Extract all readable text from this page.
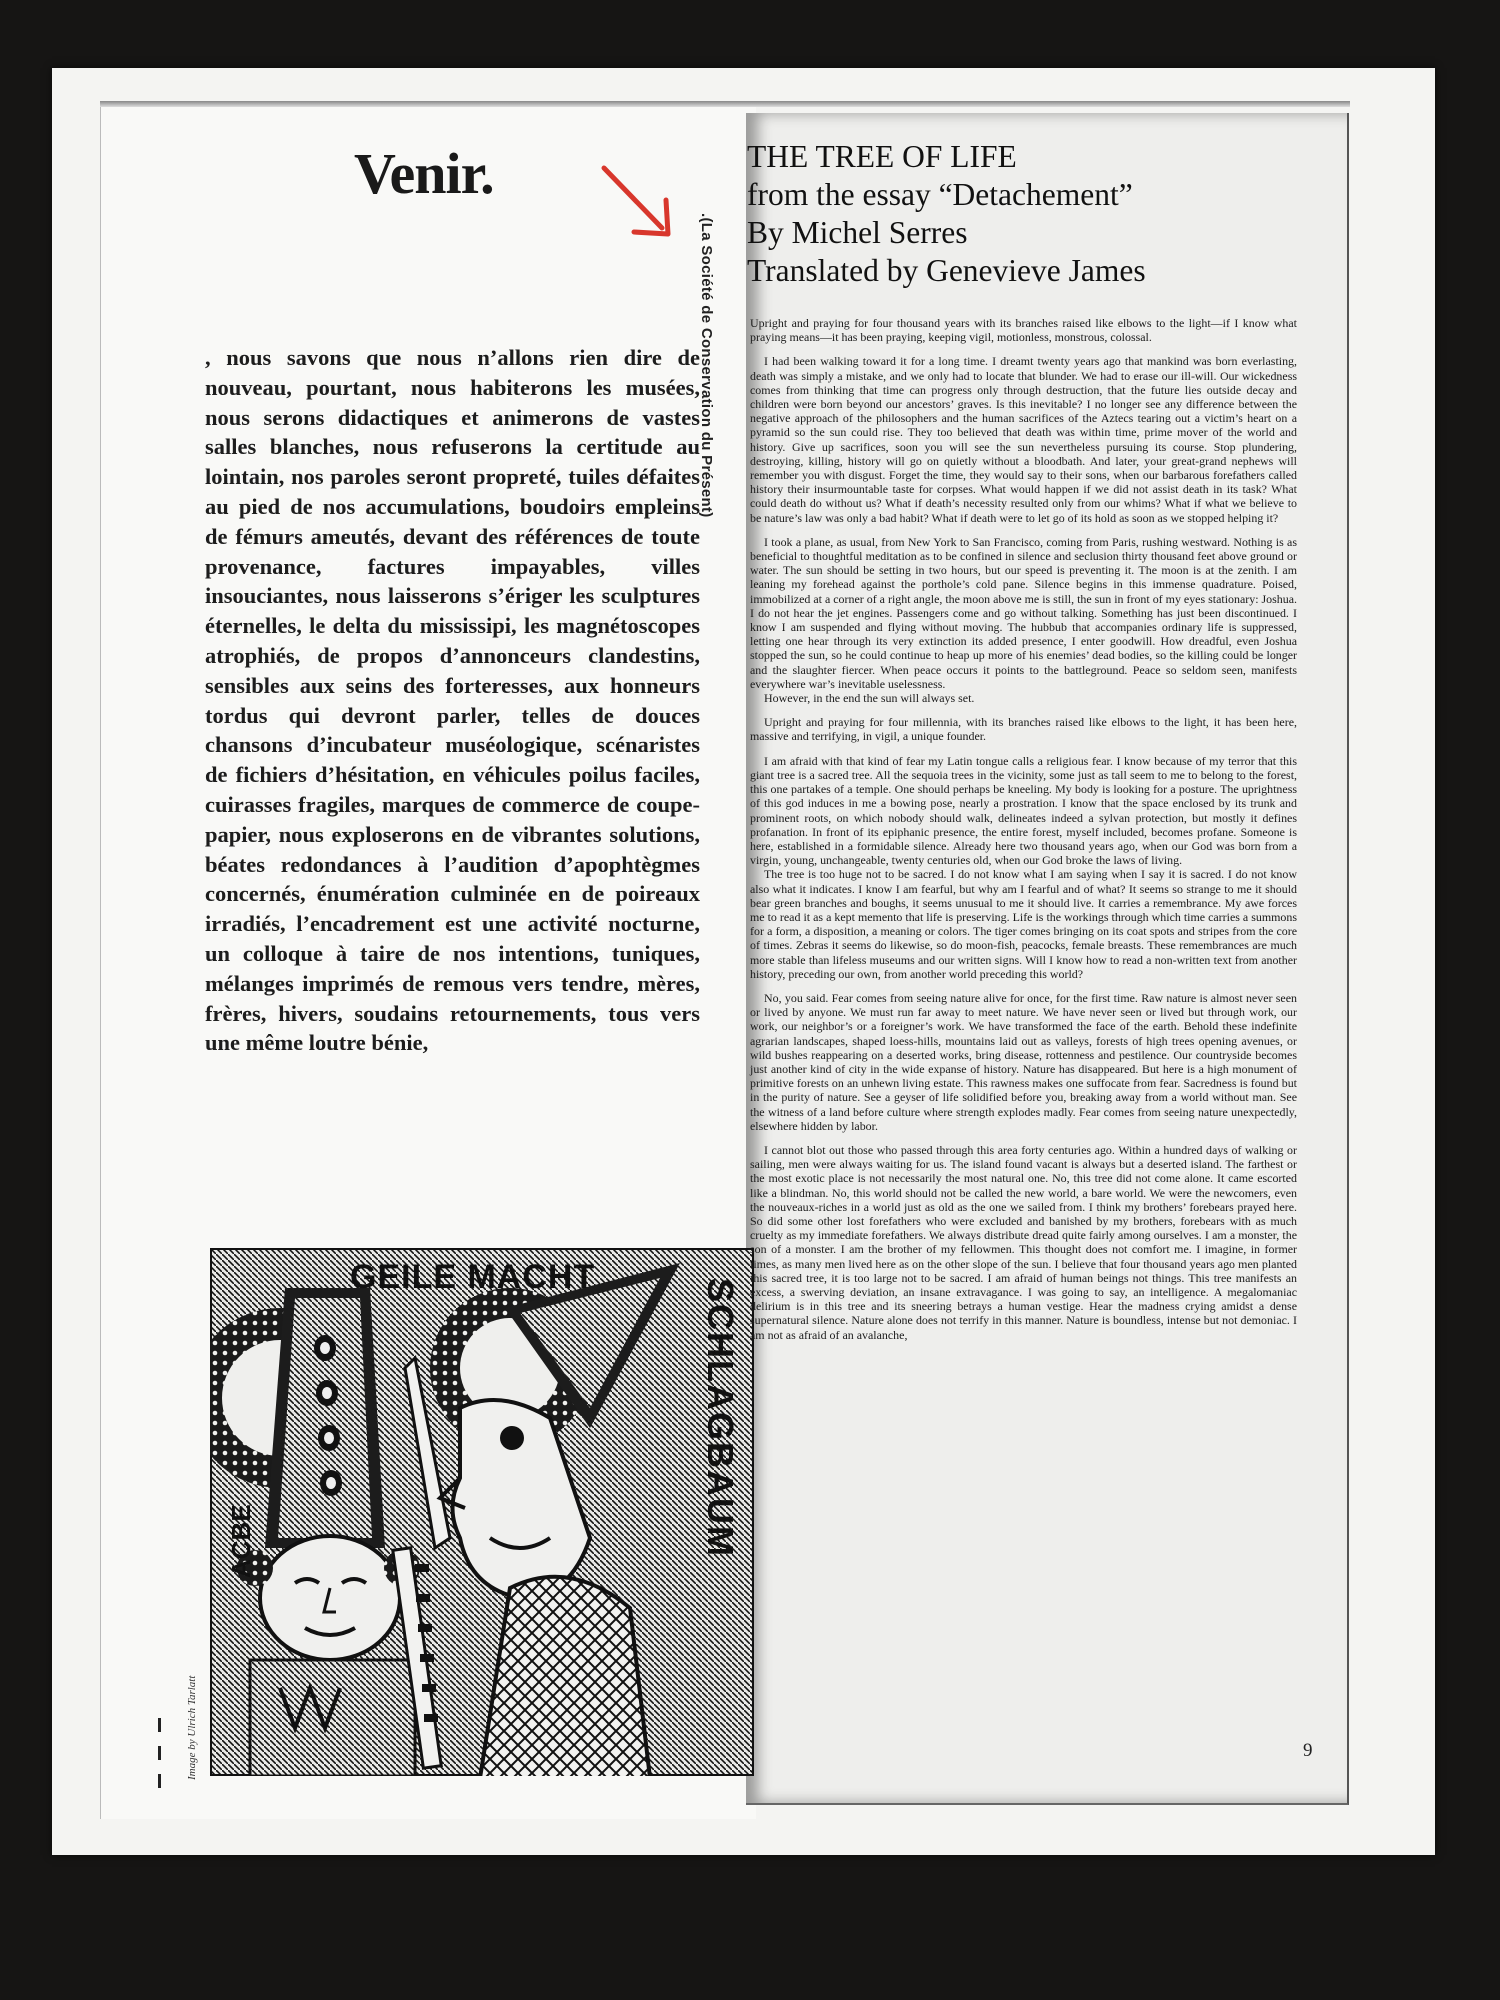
Venir.
.(La Société de Conservation du Présent)

, nous savons que nous n’allons rien dire de nouveau, pourtant, nous habiterons les musées, nous serons didactiques et animerons de vastes salles blanches, nous refuserons la certitude au lointain, nos paroles seront propreté, tuiles défaites au pied de nos accumulations, boudoirs empleins de fémurs ameutés, devant des références de toute provenance, factures impayables, villes insouciantes, nous laisserons s’ériger les sculptures éternelles, le delta du mississipi, les magnétoscopes atrophiés, de propos d’annonceurs clandestins, sensibles aux seins des forteresses, aux honneurs tordus qui devront parler, telles de douces chansons d’incubateur muséologique, scénaristes de fichiers d’hésitation, en véhicules poilus faciles, cuirasses fragiles, marques de commerce de coupe-papier, nous exploserons en de vibrantes solutions, béates redondances à l’audition d’apophtègmes concernés, énumération culminée en de poireaux irradiés, l’encadrement est une activité nocturne, un colloque à taire de nos intentions, tuniques, mélanges imprimés de remous vers tendre, mères, frères, hivers, soudains retournements, tous vers une même loutre bénie,

GEILE MACHT
SCHLAGBAUM
ACBE
Image by Ulrich Tarlatt
THE TREE OF LIFE
from the essay “Detachement”
By Michel Serres
Translated by Genevieve James

Upright and praying for four thousand years with its branches raised like elbows to the light—if I know what praying means—it has been praying, keeping vigil, motionless, monstrous, colossal.

I had been walking toward it for a long time. I dreamt twenty years ago that mankind was born everlasting, death was simply a mistake, and we only had to locate that blunder. We had to erase our ill-will. Our wickedness comes from thinking that time can progress only through destruction, that the future lies outside decay and children were born beyond our ancestors’ graves. Is this inevitable? I no longer see any difference between the negative approach of the philosophers and the human sacrifices of the Aztecs tearing out a victim’s heart on a pyramid so the sun could rise. They too believed that death was within time, prime mover of the world and history. Give up sacrifices, soon you will see the sun nevertheless pursuing its course. Stop plundering, destroying, killing, history will go on quietly without a bloodbath. And later, your great-grand nephews will remember you with disgust. Forget the time, they would say to their sons, when our barbarous forefathers called history their insurmountable taste for corpses. What would happen if we did not assist death in its task? What could death do without us? What if death’s necessity resulted only from our whims? What if what we believe to be nature’s law was only a bad habit? What if death were to let go of its hold as soon as we stopped helping it?

I took a plane, as usual, from New York to San Francisco, coming from Paris, rushing westward. Nothing is as beneficial to thoughtful meditation as to be confined in silence and seclusion thirty thousand feet above ground or water. The sun should be setting in two hours, but our speed is preventing it. The moon is at the zenith. I am leaning my forehead against the porthole’s cold pane. Silence begins in this immense quadrature. Poised, immobilized at a corner of a right angle, the moon above me is still, the sun in front of my eyes stationary: Joshua. I do not hear the jet engines. Passengers come and go without talking. Something has just been discontinued. I know I am suspended and flying without moving. The hubbub that accompanies ordinary life is suppressed, letting one hear through its very extinction its added presence, I enter goodwill. How dreadful, even Joshua stopped the sun, so he could continue to heap up more of his enemies’ dead bodies, so the killing could be longer and the slaughter fiercer. When peace occurs it points to the battleground. Peace so seldom seen, manifests everywhere war’s inevitable uselessness.

However, in the end the sun will always set.

Upright and praying for four millennia, with its branches raised like elbows to the light, it has been here, massive and terrifying, in vigil, a unique founder.

I am afraid with that kind of fear my Latin tongue calls a religious fear. I know because of my terror that this giant tree is a sacred tree. All the sequoia trees in the vicinity, some just as tall seem to me to belong to the forest, this one partakes of a temple. One should perhaps be kneeling. My body is looking for a posture. The uprightness of this god induces in me a bowing pose, nearly a prostration. I know that the space enclosed by its trunk and prominent roots, on which nobody should walk, delineates indeed a sylvan protection, but mostly it defines profanation. In front of its epiphanic presence, the entire forest, myself included, becomes profane. Someone is here, established in a formidable silence. Already here two thousand years ago, when our God was born from a virgin, young, unchangeable, twenty centuries old, when our God broke the laws of living.

The tree is too huge not to be sacred. I do not know what I am saying when I say it is sacred. I do not know also what it indicates. I know I am fearful, but why am I fearful and of what? It seems so strange to me it should bear green branches and boughs, it seems unusual to me it should live. It carries a remembrance. My awe forces me to read it as a kept memento that life is preserving. Life is the workings through which time carries a summons for a form, a disposition, a meaning or colors. The tiger comes bringing on its coat spots and stripes from the core of times. Zebras it seems do likewise, so do moon-fish, peacocks, female breasts. These remembrances are much more stable than lifeless museums and our written signs. Will I know how to read a non-written text from another history, preceding our own, from another world preceding this world?

No, you said. Fear comes from seeing nature alive for once, for the first time. Raw nature is almost never seen or lived by anyone. We must run far away to meet nature. We have never seen or lived but through work, our work, our neighbor’s or a foreigner’s work. We have transformed the face of the earth. Behold these indefinite agrarian landscapes, shaped loess-hills, mountains laid out as valleys, forests of high trees opening avenues, or wild bushes reappearing on a deserted works, bring disease, rottenness and pestilence. Our countryside becomes just another kind of city in the wide expanse of history. Nature has disappeared. But here is a high monument of primitive forests on an unhewn living estate. This rawness makes one suffocate from fear. Sacredness is found but in the purity of nature. See a geyser of life solidified before you, breaking away from a world without man. See the witness of a land before culture where strength explodes madly. Fear comes from seeing nature unexpectedly, elsewhere hidden by labor.

I cannot blot out those who passed through this area forty centuries ago. Within a hundred days of walking or sailing, men were always waiting for us. The island found vacant is always but a deserted island. The farthest or the most exotic place is not necessarily the most natural one. No, this tree did not come alone. It came escorted like a blindman. No, this world should not be called the new world, a bare world. We were the newcomers, even the nouveaux-riches in a world just as old as the one we sailed from. I think my brothers’ forebears prayed here. So did some other lost forefathers who were excluded and banished by my brothers, forebears with as much cruelty as my immediate forefathers. We always distribute dread quite fairly among ourselves. I am a monster, the son of a monster. I am the brother of my fellowmen. This thought does not comfort me. I imagine, in former times, as many men lived here as on the other slope of the sun. I believe that four thousand years ago men planted this sacred tree, it is too large not to be sacred. I am afraid of human beings not things. This tree manifests an excess, a swerving deviation, an insane extravagance. I was going to say, an intelligence. A megalomaniac delirium is in this tree and its sneering betrays a human vestige. Hear the madness crying amidst a dense supernatural silence. Nature alone does not terrify in this manner. Nature is boundless, intense but not demoniac. I am not as afraid of an avalanche,

9
